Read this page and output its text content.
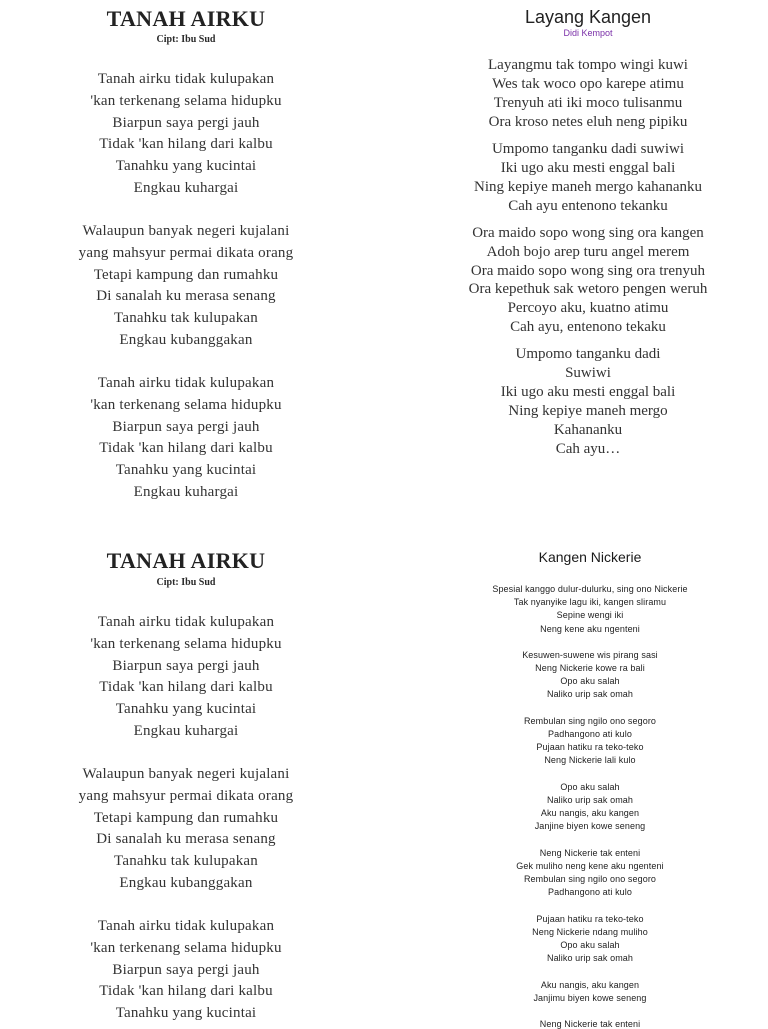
TANAH AIRKU
Cipt: Ibu Sud
Tanah airku tidak kulupakan
'kan terkenang selama hidupku
Biarpun saya pergi jauh
Tidak 'kan hilang dari kalbu
Tanahku yang kucintai
Engkau kuhargai
Walaupun banyak negeri kujalani
yang mahsyur permai dikata orang
Tetapi kampung dan rumahku
Di sanalah ku merasa senang
Tanahku tak kulupakan
Engkau kubanggakan
Tanah airku tidak kulupakan
'kan terkenang selama hidupku
Biarpun saya pergi jauh
Tidak 'kan hilang dari kalbu
Tanahku yang kucintai
Engkau kuhargai
Layang Kangen
Didi Kempot
Layangmu tak tompo wingi kuwi
Wes tak woco opo karepe atimu
Trenyuh ati iki moco tulisanmu
Ora kroso netes eluh neng pipiku
Umpomo tanganku dadi suwiwi
Iki ugo aku mesti enggal bali
Ning kepiye maneh mergo kahananku
Cah ayu entenono tekanku
Ora maido sopo wong sing ora kangen
Adoh bojo arep turu angel merem
Ora maido sopo wong sing ora trenyuh
Ora kepethuk sak wetoro pengen weruh
Percoyo aku, kuatno atimu
Cah ayu, entenono tekaku
Umpomo tanganku dadi
Suwiwi
Iki ugo aku mesti enggal bali
Ning kepiye maneh mergo
Kahananku
Cah ayu…
TANAH AIRKU
Cipt: Ibu Sud
Tanah airku tidak kulupakan
'kan terkenang selama hidupku
Biarpun saya pergi jauh
Tidak 'kan hilang dari kalbu
Tanahku yang kucintai
Engkau kuhargai
Walaupun banyak negeri kujalani
yang mahsyur permai dikata orang
Tetapi kampung dan rumahku
Di sanalah ku merasa senang
Tanahku tak kulupakan
Engkau kubanggakan
Tanah airku tidak kulupakan
'kan terkenang selama hidupku
Biarpun saya pergi jauh
Tidak 'kan hilang dari kalbu
Tanahku yang kucintai
Kangen Nickerie
Spesial kanggo dulur-dulurku, sing ono Nickerie
Tak nyanyike lagu iki, kangen sliramu
Sepine wengi iki
Neng kene aku ngenteni
Kesuwen-suwene wis pirang sasi
Neng Nickerie kowe ra bali
Opo aku salah
Naliko urip sak omah
Rembulan sing ngilo ono segoro
Padhangono ati kulo
Pujaan hatiku ra teko-teko
Neng Nickerie lali kulo
Opo aku salah
Naliko urip sak omah
Aku nangis, aku kangen
Janjine biyen kowe seneng
Neng Nickerie tak enteni
Gek muliho neng kene aku ngenteni
Rembulan sing ngilo ono segoro
Padhangono ati kulo
Pujaan hatiku ra teko-teko
Neng Nickerie ndang muliho
Opo aku salah
Naliko urip sak omah
Aku nangis, aku kangen
Janjimu biyen kowe seneng
Neng Nickerie tak enteni
